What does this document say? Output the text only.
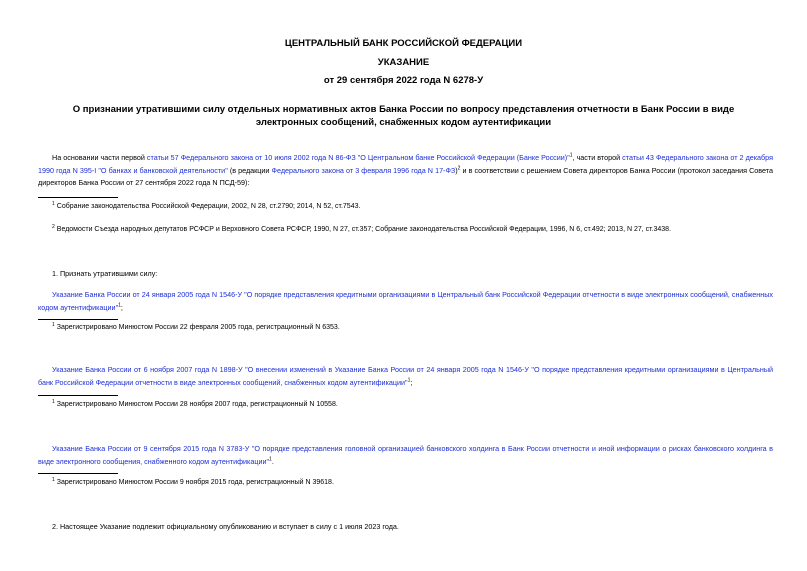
ЦЕНТРАЛЬНЫЙ БАНК РОССИЙСКОЙ ФЕДЕРАЦИИ
УКАЗАНИЕ
от 29 сентября 2022 года N 6278-У
О признании утратившими силу отдельных нормативных актов Банка России по вопросу представления отчетности в Банк России в виде электронных сообщений, снабженных кодом аутентификации
На основании части первой статьи 57 Федерального закона от 10 июля 2002 года N 86-ФЗ "О Центральном банке Российской Федерации (Банке России)"$^1$, части второй статьи 43 Федерального закона от 2 декабря 1990 года N 395-I "О банках и банковской деятельности" (в редакции Федерального закона от 3 февраля 1996 года N 17-ФЗ)$^2$ и в соответствии с решением Совета директоров Банка России (протокол заседания Совета директоров Банка России от 27 сентября 2022 года N ПСД-59):
$^1$ Собрание законодательства Российской Федерации, 2002, N 28, ст.2790; 2014, N 52, ст.7543.
$^2$ Ведомости Съезда народных депутатов РСФСР и Верховного Совета РСФСР, 1990, N 27, ст.357; Собрание законодательства Российской Федерации, 1996, N 6, ст.492; 2013, N 27, ст.3438.
1. Признать утратившими силу:
Указание Банка России от 24 января 2005 года N 1546-У "О порядке представления кредитными организациями в Центральный банк Российской Федерации отчетности в виде электронных сообщений, снабженных кодом аутентификации"$^1$;
$^1$ Зарегистрировано Минюстом России 22 февраля 2005 года, регистрационный N 6353.
Указание Банка России от 6 ноября 2007 года N 1898-У "О внесении изменений в Указание Банка России от 24 января 2005 года N 1546-У "О порядке представления кредитными организациями в Центральный банк Российской Федерации отчетности в виде электронных сообщений, снабженных кодом аутентификации"$^1$;
$^1$ Зарегистрировано Минюстом России 28 ноября 2007 года, регистрационный N 10558.
Указание Банка России от 9 сентября 2015 года N 3783-У "О порядке представления головной организацией банковского холдинга в Банк России отчетности и иной информации о рисках банковского холдинга в виде электронного сообщения, снабженного кодом аутентификации"$^1$.
$^1$ Зарегистрировано Минюстом России 9 ноября 2015 года, регистрационный N 39618.
2. Настоящее Указание подлежит официальному опубликованию и вступает в силу с 1 июля 2023 года.
